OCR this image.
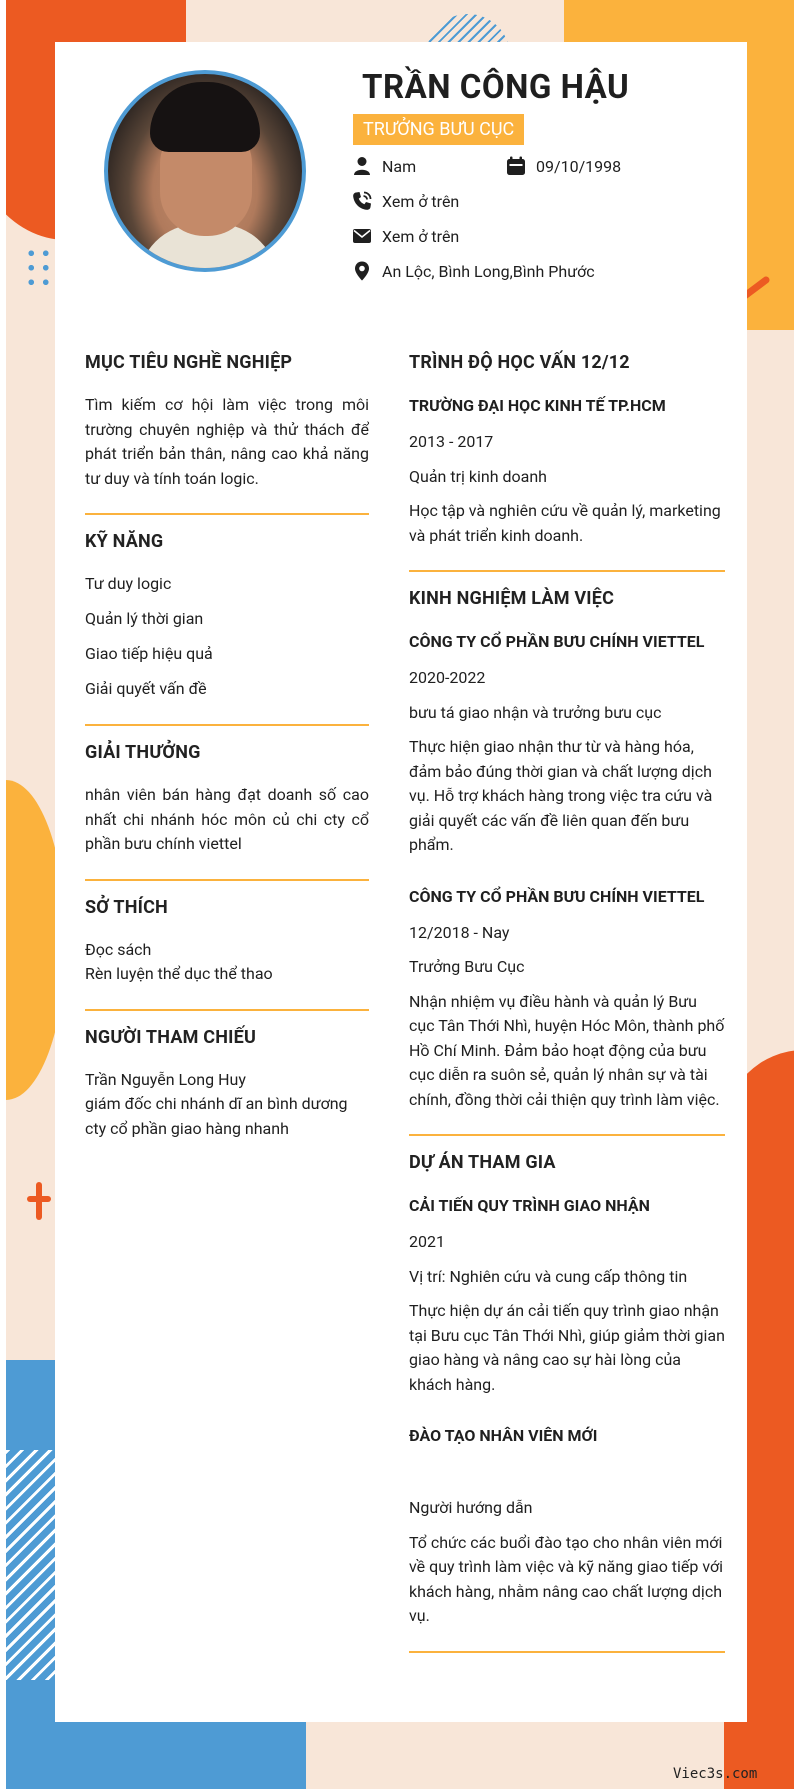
TRẦN CÔNG HẬU
TRƯỞNG BƯU CỤC
Nam	09/10/1998
Xem ở trên
Xem ở trên
An Lộc, Bình Long,Bình Phước
MỤC TIÊU NGHỀ NGHIỆP
Tìm kiếm cơ hội làm việc trong môi trường chuyên nghiệp và thử thách để phát triển bản thân, nâng cao khả năng tư duy và tính toán logic.
KỸ NĂNG
Tư duy logic
Quản lý thời gian
Giao tiếp hiệu quả
Giải quyết vấn đề
GIẢI THƯỞNG
nhân viên bán hàng đạt doanh số cao nhất chi nhánh hóc môn củ chi cty cổ phần bưu chính viettel
SỞ THÍCH
Đọc sách
Rèn luyện thể dục thể thao
NGƯỜI THAM CHIẾU
Trần Nguyễn Long Huy
giám đốc chi nhánh dĩ an bình dương
cty cổ phần giao hàng nhanh
TRÌNH ĐỘ HỌC VẤN 12/12
TRƯỜNG ĐẠI HỌC KINH TẾ TP.HCM
2013 - 2017
Quản trị kinh doanh
Học tập và nghiên cứu về quản lý, marketing và phát triển kinh doanh.
KINH NGHIỆM LÀM VIỆC
CÔNG TY CỔ PHẦN BƯU CHÍNH VIETTEL
2020-2022
bưu tá giao nhận và trưởng bưu cục
Thực hiện giao nhận thư từ và hàng hóa, đảm bảo đúng thời gian và chất lượng dịch vụ. Hỗ trợ khách hàng trong việc tra cứu và giải quyết các vấn đề liên quan đến bưu phẩm.
CÔNG TY CỔ PHẦN BƯU CHÍNH VIETTEL
12/2018 - Nay
Trưởng Bưu Cục
Nhận nhiệm vụ điều hành và quản lý Bưu cục Tân Thới Nhì, huyện Hóc Môn, thành phố Hồ Chí Minh. Đảm bảo hoạt động của bưu cục diễn ra suôn sẻ, quản lý nhân sự và tài chính, đồng thời cải thiện quy trình làm việc.
DỰ ÁN THAM GIA
CẢI TIẾN QUY TRÌNH GIAO NHẬN
2021
Vị trí: Nghiên cứu và cung cấp thông tin
Thực hiện dự án cải tiến quy trình giao nhận tại Bưu cục Tân Thới Nhì, giúp giảm thời gian giao hàng và nâng cao sự hài lòng của khách hàng.
ĐÀO TẠO NHÂN VIÊN MỚI
Người hướng dẫn
Tổ chức các buổi đào tạo cho nhân viên mới về quy trình làm việc và kỹ năng giao tiếp với khách hàng, nhằm nâng cao chất lượng dịch vụ.
Viec3s.com
